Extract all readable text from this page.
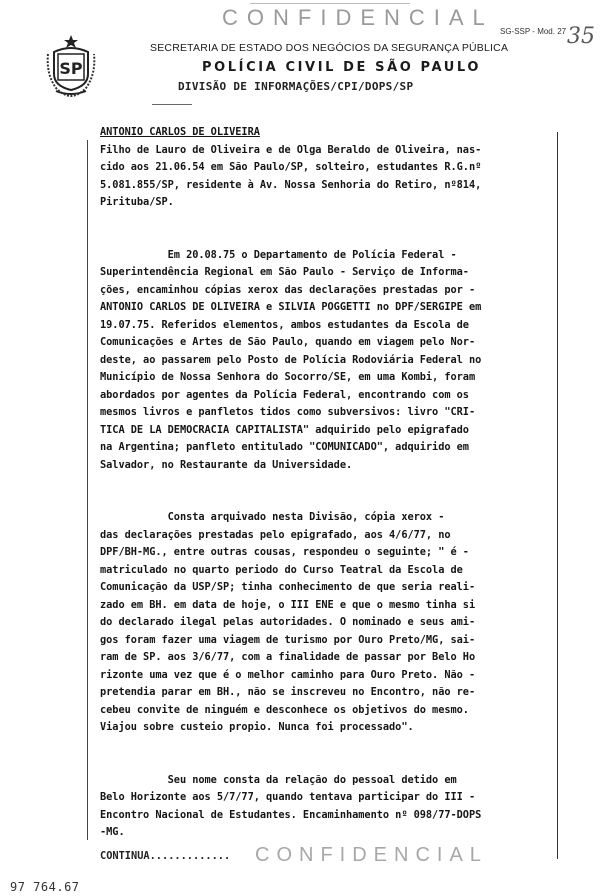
CONFIDENCIAL
SG-SSP - Mod. 27 35
SP
SECRETARIA DE ESTADO DOS NEGÓCIOS DA SEGURANÇA PÚBLICA
POLÍCIA CIVIL DE SÃO PAULO
DIVISÃO DE INFORMAÇÕES/CPI/DOPS/SP
ANTONIO CARLOS DE OLIVEIRA
Filho de Lauro de Oliveira e de Olga Beraldo de Oliveira, nas-
cido aos 21.06.54 em São Paulo/SP, solteiro, estudantes R.G.nº
5.081.855/SP, residente à Av. Nossa Senhoria do Retiro, nº814,
Pirituba/SP.
Em 20.08.75 o Departamento de Polícia Federal -
Superintendência Regional em São Paulo - Serviço de Informa-
ções, encaminhou cópias xerox das declarações prestadas por -
ANTONIO CARLOS DE OLIVEIRA e SILVIA POGGETTI no DPF/SERGIPE em
19.07.75. Referidos elementos, ambos estudantes da Escola de
Comunicações e Artes de São Paulo, quando em viagem pelo Nor-
deste, ao passarem pelo Posto de Polícia Rodoviária Federal no
Município de Nossa Senhora do Socorro/SE, em uma Kombi, foram
abordados por agentes da Polícia Federal, encontrando com os
mesmos livros e panfletos tidos como subversivos: livro "CRI-
TICA DE LA DEMOCRACIA CAPITALISTA" adquirido pelo epigrafado
na Argentina; panfleto entitulado "COMUNICADO", adquirido em
Salvador, no Restaurante da Universidade.
Consta arquivado nesta Divisão, cópia xerox -
das declarações prestadas pelo epigrafado, aos 4/6/77, no
DPF/BH-MG., entre outras cousas, respondeu o seguinte; " é -
matriculado no quarto periodo do Curso Teatral da Escola de
Comunicação da USP/SP; tinha conhecimento de que seria reali-
zado em BH. em data de hoje, o III ENE e que o mesmo tinha si
do declarado ilegal pelas autoridades. O nominado e seus ami-
gos foram fazer uma viagem de turismo por Ouro Preto/MG, sai-
ram de SP. aos 3/6/77, com a finalidade de passar por Belo Ho
rizonte uma vez que é o melhor caminho para Ouro Preto. Não -
pretendia parar em BH., não se inscreveu no Encontro, não re-
cebeu convite de ninguém e desconhece os objetivos do mesmo.
Viajou sobre custeio propio. Nunca foi processado".
Seu nome consta da relação do pessoal detido em
Belo Horizonte aos 5/7/77, quando tentava participar do III -
Encontro Nacional de Estudantes. Encaminhamento nº 098/77-DOPS
-MG.
CONFIDENCIAL
CONTINUA.............
97 764.67
